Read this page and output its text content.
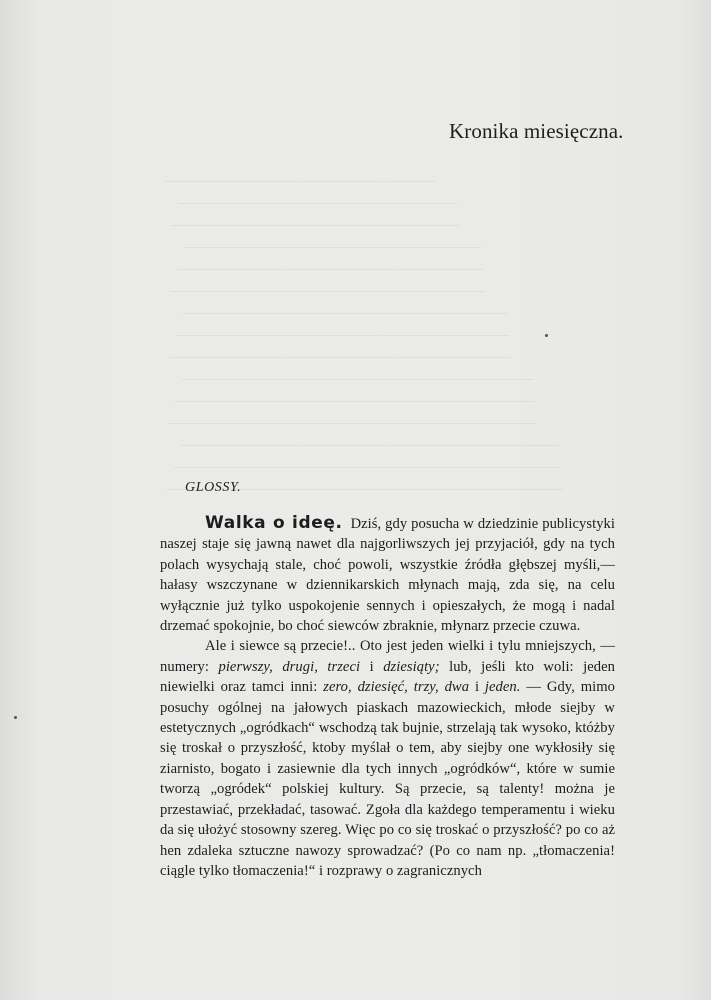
Kronika miesięczna.
GLOSSY.

Walka o ideę. Dziś, gdy posucha w dziedzinie publicystyki naszej staje się jawną nawet dla najgorliwszych jej przyjaciół, gdy na tych polach wysychają stale, choć powoli, wszystkie źródła głębszej myśli,—hałasy wszczynane w dziennikarskich młynach mają, zda się, na celu wyłącznie już tylko uspokojenie sennych i opieszałych, że mogą i nadal drzemać spokojnie, bo choć siewców zbraknie, młynarz przecie czuwa.

Ale i siewce są przecie!.. Oto jest jeden wielki i tylu mniejszych, — numery: pierwszy, drugi, trzeci i dziesiąty; lub, jeśli kto woli: jeden niewielki oraz tamci inni: zero, dziesięć, trzy, dwa i jeden. — Gdy, mimo posuchy ogólnej na jałowych piaskach mazowieckich, młode siejby w estetycznych „ogródkach“ wschodzą tak bujnie, strzelają tak wysoko, któżby się troskał o przyszłość, ktoby myślał o tem, aby siejby one wykłosiły się ziarnisto, bogato i zasiewnie dla tych innych „ogródków“, które w sumie tworzą „ogródek“ polskiej kultury. Są przecie, są talenty! można je przestawiać, przekładać, tasować. Zgoła dla każdego temperamentu i wieku da się ułożyć stosowny szereg. Więc po co się troskać o przyszłość? po co aż hen zdaleka sztuczne nawozy sprowadzać? (Po co nam np. „tłomaczenia! ciągle tylko tłomaczenia!“ i rozprawy o zagranicznych
